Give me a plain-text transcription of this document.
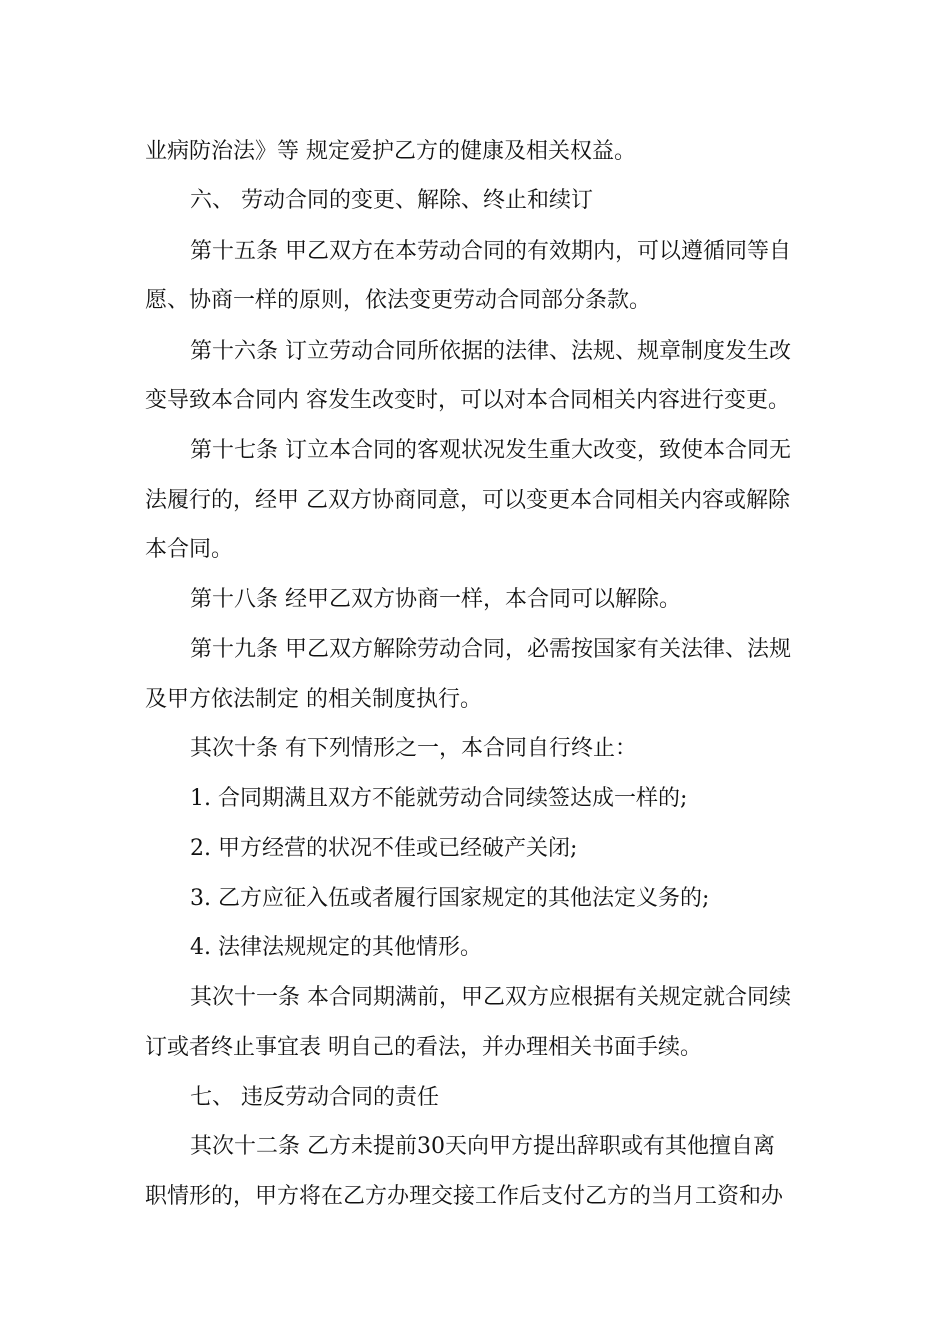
业病防治法》等 规定爱护乙方的健康及相关权益。
六、 劳动合同的变更、解除、终止和续订
第十五条 甲乙双方在本劳动合同的有效期内，可以遵循同等自
愿、协商一样的原则，依法变更劳动合同部分条款。
第十六条 订立劳动合同所依据的法律、法规、规章制度发生改
变导致本合同内 容发生改变时，可以对本合同相关内容进行变更。
第十七条 订立本合同的客观状况发生重大改变，致使本合同无
法履行的，经甲 乙双方协商同意，可以变更本合同相关内容或解除
本合同。
第十八条 经甲乙双方协商一样，本合同可以解除。
第十九条 甲乙双方解除劳动合同，必需按国家有关法律、法规
及甲方依法制定 的相关制度执行。
其次十条 有下列情形之一，本合同自行终止：
1. 合同期满且双方不能就劳动合同续签达成一样的;
2. 甲方经营的状况不佳或已经破产关闭;
3. 乙方应征入伍或者履行国家规定的其他法定义务的;
4. 法律法规规定的其他情形。
其次十一条 本合同期满前，甲乙双方应根据有关规定就合同续
订或者终止事宜表 明自己的看法，并办理相关书面手续。
七、 违反劳动合同的责任
其次十二条 乙方未提前30天向甲方提出辞职或有其他擅自离
职情形的，甲方将在乙方办理交接工作后支付乙方的当月工资和办
